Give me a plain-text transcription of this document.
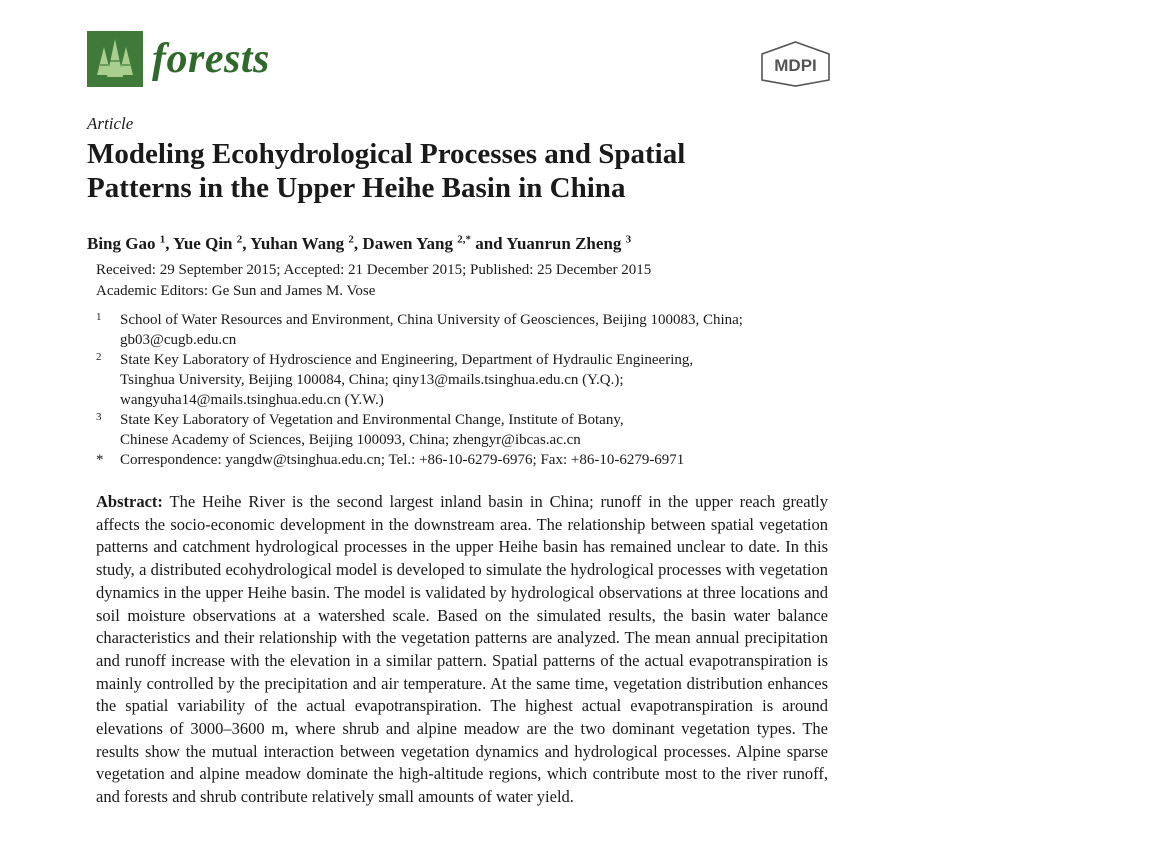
forests	MDPI
Article
Modeling Ecohydrological Processes and Spatial
Patterns in the Upper Heihe Basin in China
Bing Gao $^1$, Yue Qin $^2$, Yuhan Wang $^2$, Dawen Yang $^{2,*}$ and Yuanrun Zheng $^3$
Received: 29 September 2015; Accepted: 21 December 2015; Published: 25 December 2015
Academic Editors: Ge Sun and James M. Vose
1 School of Water Resources and Environment, China University of Geosciences, Beijing 100083, China;
gb03@cugb.edu.cn
2 State Key Laboratory of Hydroscience and Engineering, Department of Hydraulic Engineering,
Tsinghua University, Beijing 100084, China; qiny13@mails.tsinghua.edu.cn (Y.Q.);
wangyuha14@mails.tsinghua.edu.cn (Y.W.)
3 State Key Laboratory of Vegetation and Environmental Change, Institute of Botany,
Chinese Academy of Sciences, Beijing 100093, China; zhengyr@ibcas.ac.cn
* Correspondence: yangdw@tsinghua.edu.cn; Tel.: +86-10-6279-6976; Fax: +86-10-6279-6971
Abstract: The Heihe River is the second largest inland basin in China; runoff in the upper reach greatly affects the socio-economic development in the downstream area. The relationship between spatial vegetation patterns and catchment hydrological processes in the upper Heihe basin has remained unclear to date. In this study, a distributed ecohydrological model is developed to simulate the hydrological processes with vegetation dynamics in the upper Heihe basin. The model is validated by hydrological observations at three locations and soil moisture observations at a watershed scale. Based on the simulated results, the basin water balance characteristics and their relationship with the vegetation patterns are analyzed. The mean annual precipitation and runoff increase with the elevation in a similar pattern. Spatial patterns of the actual evapotranspiration is mainly controlled by the precipitation and air temperature. At the same time, vegetation distribution enhances the spatial variability of the actual evapotranspiration. The highest actual evapotranspiration is around elevations of 3000–3600 m, where shrub and alpine meadow are the two dominant vegetation types. The results show the mutual interaction between vegetation dynamics and hydrological processes. Alpine sparse vegetation and alpine meadow dominate the high-altitude regions, which contribute most to the river runoff, and forests and shrub contribute relatively small amounts of water yield.
